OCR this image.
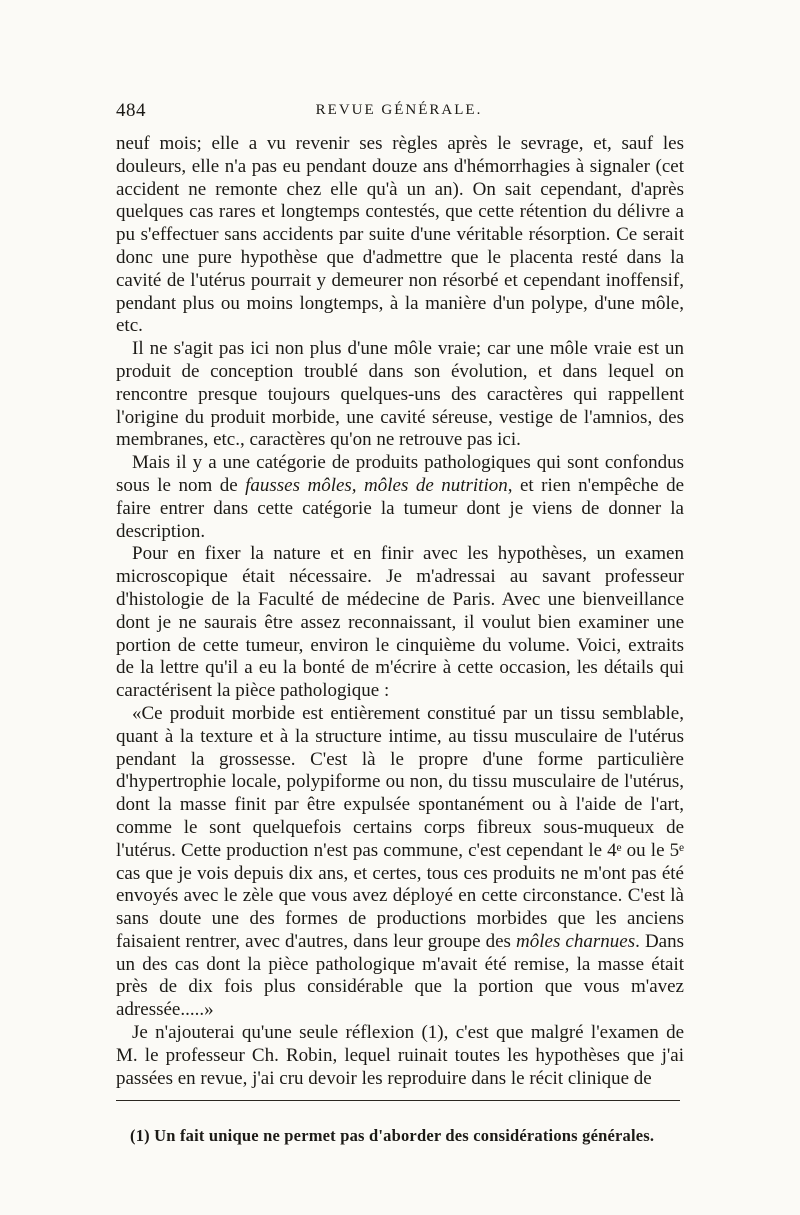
484	REVUE GÉNÉRALE.

neuf mois; elle a vu revenir ses règles après le sevrage, et, sauf les douleurs, elle n'a pas eu pendant douze ans d'hémorrhagies à signaler (cet accident ne remonte chez elle qu'à un an). On sait cependant, d'après quelques cas rares et longtemps contestés, que cette rétention du délivre a pu s'effectuer sans accidents par suite d'une véritable résorption. Ce serait donc une pure hypothèse que d'admettre que le placenta resté dans la cavité de l'utérus pourrait y demeurer non résorbé et cependant inoffensif, pendant plus ou moins longtemps, à la manière d'un polype, d'une môle, etc.

Il ne s'agit pas ici non plus d'une môle vraie; car une môle vraie est un produit de conception troublé dans son évolution, et dans lequel on rencontre presque toujours quelques-uns des caractères qui rappellent l'origine du produit morbide, une cavité séreuse, vestige de l'amnios, des membranes, etc., caractères qu'on ne retrouve pas ici.

Mais il y a une catégorie de produits pathologiques qui sont confondus sous le nom de fausses môles, môles de nutrition, et rien n'empêche de faire entrer dans cette catégorie la tumeur dont je viens de donner la description.

Pour en fixer la nature et en finir avec les hypothèses, un examen microscopique était nécessaire. Je m'adressai au savant professeur d'histologie de la Faculté de médecine de Paris. Avec une bienveillance dont je ne saurais être assez reconnaissant, il voulut bien examiner une portion de cette tumeur, environ le cinquième du volume. Voici, extraits de la lettre qu'il a eu la bonté de m'écrire à cette occasion, les détails qui caractérisent la pièce pathologique :

«Ce produit morbide est entièrement constitué par un tissu semblable, quant à la texture et à la structure intime, au tissu musculaire de l'utérus pendant la grossesse. C'est là le propre d'une forme particulière d'hypertrophie locale, polypiforme ou non, du tissu musculaire de l'utérus, dont la masse finit par être expulsée spontanément ou à l'aide de l'art, comme le sont quelquefois certains corps fibreux sous-muqueux de l'utérus. Cette production n'est pas commune, c'est cependant le 4ᵉ ou le 5ᵉ cas que je vois depuis dix ans, et certes, tous ces produits ne m'ont pas été envoyés avec le zèle que vous avez déployé en cette circonstance. C'est là sans doute une des formes de productions morbides que les anciens faisaient rentrer, avec d'autres, dans leur groupe des môles charnues. Dans un des cas dont la pièce pathologique m'avait été remise, la masse était près de dix fois plus considérable que la portion que vous m'avez adressée.....»

Je n'ajouterai qu'une seule réflexion (1), c'est que malgré l'examen de M. le professeur Ch. Robin, lequel ruinait toutes les hypothèses que j'ai passées en revue, j'ai cru devoir les reproduire dans le récit clinique de

(1) Un fait unique ne permet pas d'aborder des considérations générales.
